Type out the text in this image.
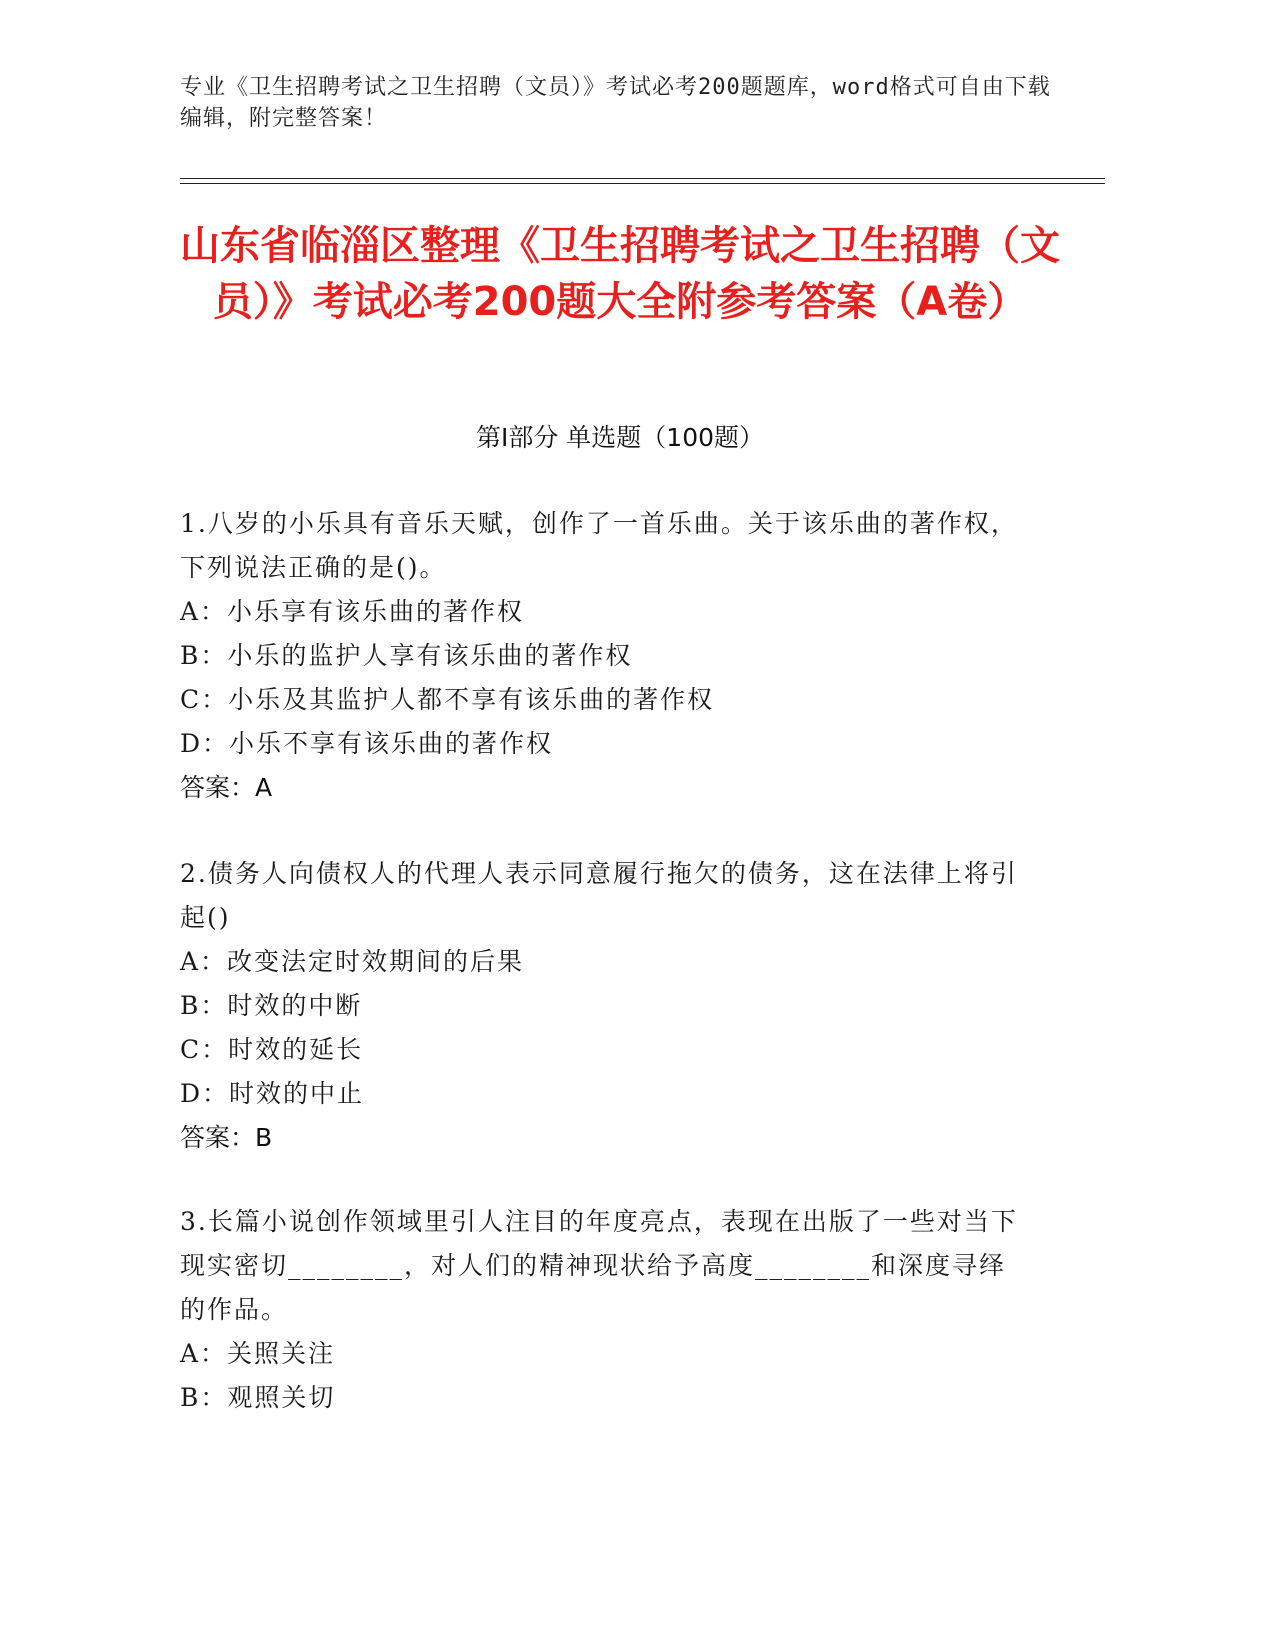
专业《卫生招聘考试之卫生招聘（文员）》考试必考200题题库，word格式可自由下载编辑，附完整答案！
山东省临淄区整理《卫生招聘考试之卫生招聘（文员）》考试必考200题大全附参考答案（A卷）
第Ⅰ部分 单选题（100题）
1.八岁的小乐具有音乐天赋，创作了一首乐曲。关于该乐曲的著作权，下列说法正确的是()。
A：小乐享有该乐曲的著作权
B：小乐的监护人享有该乐曲的著作权
C：小乐及其监护人都不享有该乐曲的著作权
D：小乐不享有该乐曲的著作权
答案：A
2.债务人向债权人的代理人表示同意履行拖欠的债务，这在法律上将引起()
A：改变法定时效期间的后果
B：时效的中断
C：时效的延长
D：时效的中止
答案：B
3.长篇小说创作领域里引人注目的年度亮点，表现在出版了一些对当下现实密切________，对人们的精神现状给予高度________和深度寻绎的作品。
A：关照关注
B：观照关切
